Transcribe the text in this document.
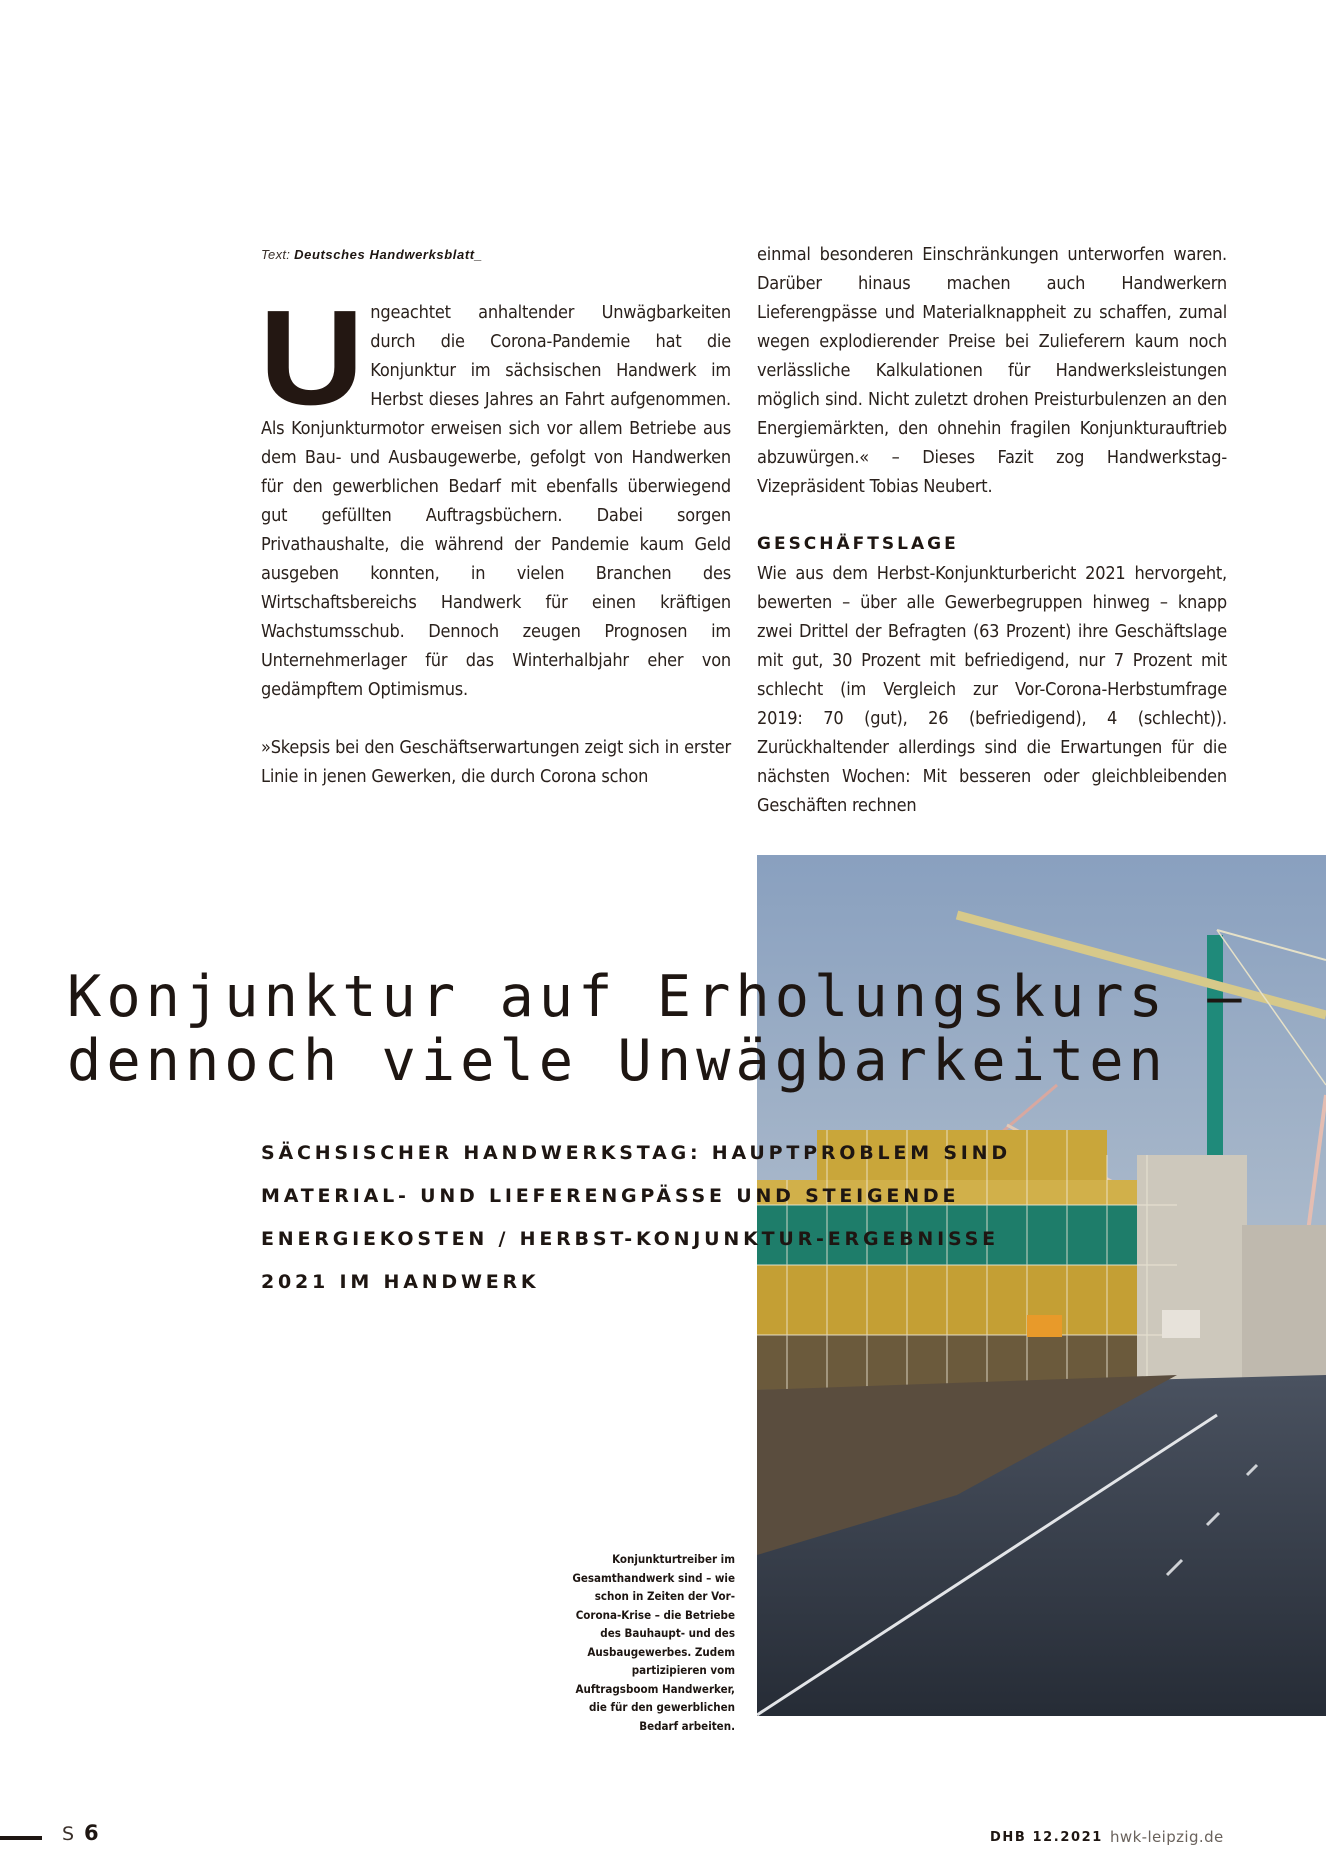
Text: Deutsches Handwerksblatt_
U ngeachtet anhaltender Unwägbarkeiten durch die Corona-Pandemie hat die Konjunktur im sächsischen Handwerk im Herbst dieses Jahres an Fahrt aufgenommen. Als Konjunkturmotor erweisen sich vor allem Betriebe aus dem Bau- und Ausbaugewerbe, gefolgt von Handwerken für den gewerblichen Bedarf mit ebenfalls überwiegend gut gefüllten Auftragsbüchern. Dabei sorgen Privathaushalte, die während der Pandemie kaum Geld ausgeben konnten, in vielen Branchen des Wirtschaftsbereichs Handwerk für einen kräftigen Wachstumsschub. Dennoch zeugen Prognosen im Unternehmerlager für das Winterhalbjahr eher von gedämpftem Optimismus.

»Skepsis bei den Geschäftserwartungen zeigt sich in erster Linie in jenen Gewerken, die durch Corona schon

einmal besonderen Einschränkungen unterworfen waren. Darüber hinaus machen auch Handwerkern Lieferengpässe und Materialknappheit zu schaffen, zumal wegen explodierender Preise bei Zulieferern kaum noch verlässliche Kalkulationen für Handwerksleistungen möglich sind. Nicht zuletzt drohen Preisturbulenzen an den Energiemärkten, den ohnehin fragilen Konjunkturauftrieb abzuwürgen.« – Dieses Fazit zog Handwerkstag-Vizepräsident Tobias Neubert.

GESCHÄFTSLAGE

Wie aus dem Herbst-Konjunkturbericht 2021 hervorgeht, bewerten – über alle Gewerbegruppen hinweg – knapp zwei Drittel der Befragten (63 Prozent) ihre Geschäftslage mit gut, 30 Prozent mit befriedigend, nur 7 Prozent mit schlecht (im Vergleich zur Vor-Corona-Herbstumfrage 2019: 70 (gut), 26 (befriedigend), 4 (schlecht)). Zurückhaltender allerdings sind die Erwartungen für die nächsten Wochen: Mit besseren oder gleichbleibenden Geschäften rechnen

Konjunktur auf Erholungskurs –
dennoch viele Unwägbarkeiten
SÄCHSISCHER HANDWERKSTAG: HAUPTPROBLEM SIND MATERIAL- UND LIEFERENGPÄSSE UND STEIGENDE ENERGIEKOSTEN / HERBST-KONJUNKTUR-ERGEBNISSE 2021 IM HANDWERK
Konjunkturtreiber im Gesamthandwerk sind – wie schon in Zeiten der Vor-Corona-Krise – die Betriebe des Bauhaupt- und des Ausbaugewerbes. Zudem partizipieren vom Auftragsboom Handwerker, die für den gewerblichen Bedarf arbeiten.
S 6	DHB 12.2021 hwk-leipzig.de
